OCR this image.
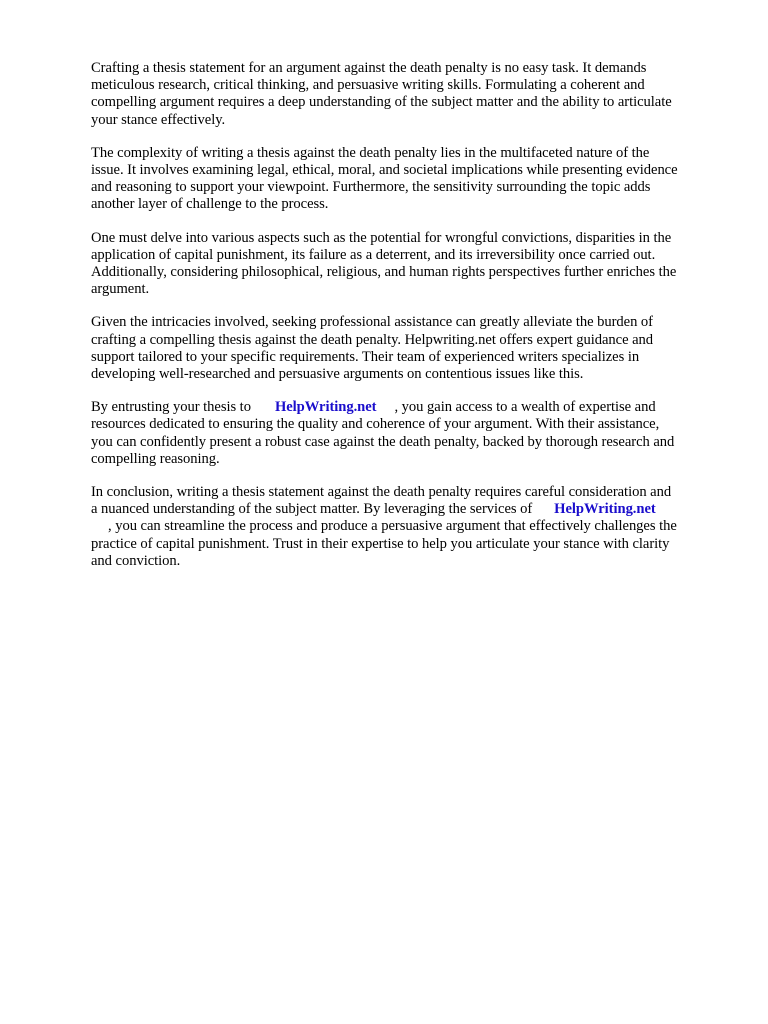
Crafting a thesis statement for an argument against the death penalty is no easy task. It demands
meticulous research, critical thinking, and persuasive writing skills. Formulating a coherent and
compelling argument requires a deep understanding of the subject matter and the ability to articulate
your stance effectively.

The complexity of writing a thesis against the death penalty lies in the multifaceted nature of the
issue. It involves examining legal, ethical, moral, and societal implications while presenting evidence
and reasoning to support your viewpoint. Furthermore, the sensitivity surrounding the topic adds
another layer of challenge to the process.

One must delve into various aspects such as the potential for wrongful convictions, disparities in the
application of capital punishment, its failure as a deterrent, and its irreversibility once carried out.
Additionally, considering philosophical, religious, and human rights perspectives further enriches the
argument.

Given the intricacies involved, seeking professional assistance can greatly alleviate the burden of
crafting a compelling thesis against the death penalty. Helpwriting.net offers expert guidance and
support tailored to your specific requirements. Their team of experienced writers specializes in
developing well-researched and persuasive arguments on contentious issues like this.

By entrusting your thesis to HelpWriting.net , you gain access to a wealth of expertise and
resources dedicated to ensuring the quality and coherence of your argument. With their assistance,
you can confidently present a robust case against the death penalty, backed by thorough research and
compelling reasoning.

In conclusion, writing a thesis statement against the death penalty requires careful consideration and
a nuanced understanding of the subject matter. By leveraging the services of HelpWriting.net
, you can streamline the process and produce a persuasive argument that effectively challenges the
practice of capital punishment. Trust in their expertise to help you articulate your stance with clarity
and conviction.
